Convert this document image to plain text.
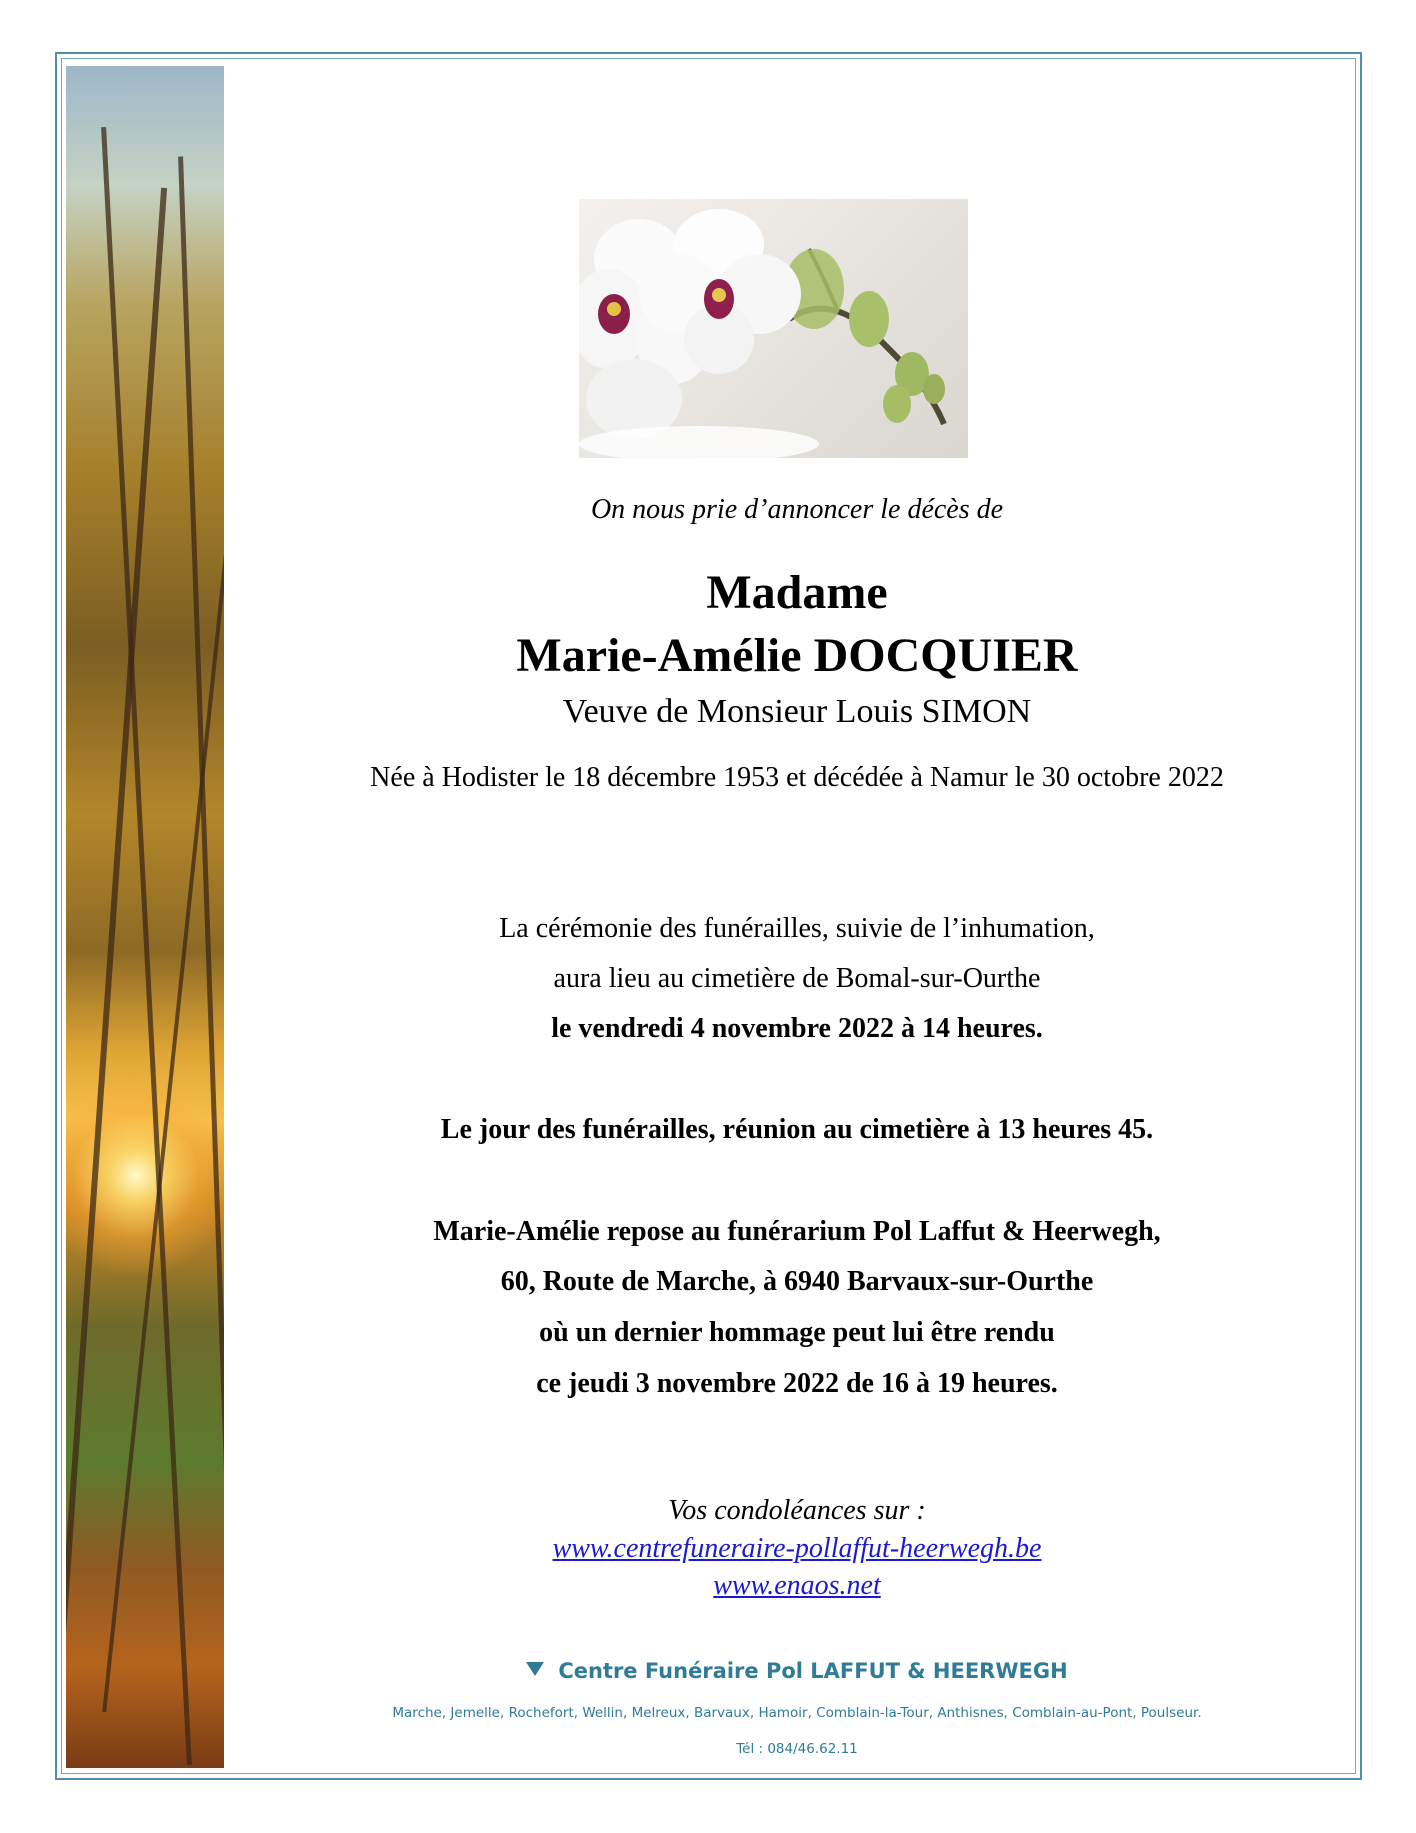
On nous prie d’annoncer le décès de
Madame
Marie-Amélie DOCQUIER
Veuve de Monsieur Louis SIMON
Née à Hodister le 18 décembre 1953 et décédée à Namur le 30 octobre 2022
La cérémonie des funérailles, suivie de l’inhumation,
aura lieu au cimetière de Bomal-sur-Ourthe
le vendredi 4 novembre 2022 à 14 heures.
Le jour des funérailles, réunion au cimetière à 13 heures 45.
Marie-Amélie repose au funérarium Pol Laffut & Heerwegh,
60, Route de Marche, à 6940 Barvaux-sur-Ourthe
où un dernier hommage peut lui être rendu
ce jeudi 3 novembre 2022 de 16 à 19 heures.
Vos condoléances sur :
www.centrefuneraire-pollaffut-heerwegh.be
www.enaos.net
Centre Funéraire Pol LAFFUT & HEERWEGH
Marche, Jemelle, Rochefort, Wellin, Melreux, Barvaux, Hamoir, Comblain-la-Tour, Anthisnes, Comblain-au-Pont, Poulseur.
Tél : 084/46.62.11
